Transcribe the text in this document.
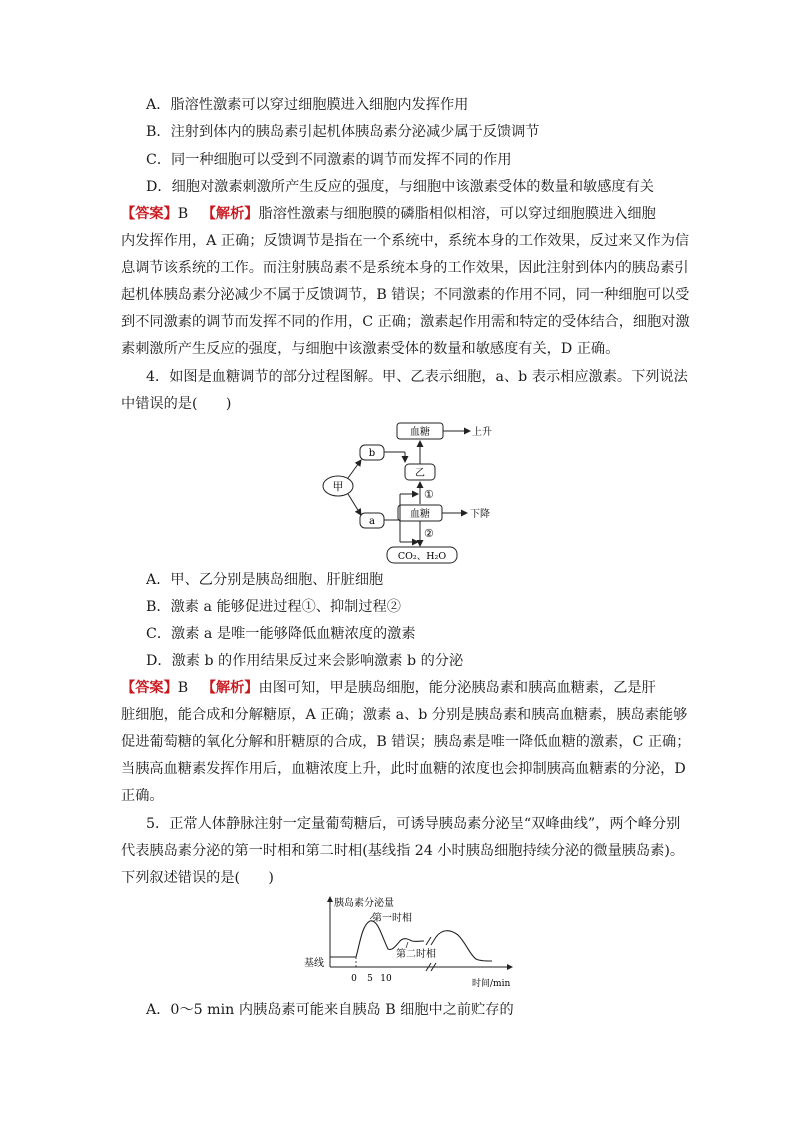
A．脂溶性激素可以穿过细胞膜进入细胞内发挥作用
B．注射到体内的胰岛素引起机体胰岛素分泌减少属于反馈调节
C．同一种细胞可以受到不同激素的调节而发挥不同的作用
D．细胞对激素刺激所产生反应的强度，与细胞中该激素受体的数量和敏感度有关
【答案】B 【解析】脂溶性激素与细胞膜的磷脂相似相溶，可以穿过细胞膜进入细胞
内发挥作用，A 正确；反馈调节是指在一个系统中，系统本身的工作效果，反过来又作为信
息调节该系统的工作。而注射胰岛素不是系统本身的工作效果，因此注射到体内的胰岛素引
起机体胰岛素分泌减少不属于反馈调节，B 错误；不同激素的作用不同，同一种细胞可以受
到不同激素的调节而发挥不同的作用，C 正确；激素起作用需和特定的受体结合，细胞对激
素刺激所产生反应的强度，与细胞中该激素受体的数量和敏感度有关，D 正确。
4．如图是血糖调节的部分过程图解。甲、乙表示细胞，a、b 表示相应激素。下列说法
中错误的是(　　)
甲
b
a
血糖	上升
乙
①
血糖	下降
②
CO₂、H₂O
A．甲、乙分别是胰岛细胞、肝脏细胞
B．激素 a 能够促进过程①、抑制过程②
C．激素 a 是唯一能够降低血糖浓度的激素
D．激素 b 的作用结果反过来会影响激素 b 的分泌
【答案】B 【解析】由图可知，甲是胰岛细胞，能分泌胰岛素和胰高血糖素，乙是肝
脏细胞，能合成和分解糖原，A 正确；激素 a、b 分别是胰岛素和胰高血糖素，胰岛素能够
促进葡萄糖的氧化分解和肝糖原的合成，B 错误；胰岛素是唯一降低血糖的激素，C 正确；
当胰高血糖素发挥作用后，血糖浓度上升，此时血糖的浓度也会抑制胰高血糖素的分泌，D
正确。
5．正常人体静脉注射一定量葡萄糖后，可诱导胰岛素分泌呈“双峰曲线”，两个峰分别
代表胰岛素分泌的第一时相和第二时相(基线指 24 小时胰岛细胞持续分泌的微量胰岛素)。
下列叙述错误的是(　　)
胰岛素分泌量
基线
第一时相
第二时相
0 5 10	时间/min
A．0～5 min 内胰岛素可能来自胰岛 B 细胞中之前贮存的
